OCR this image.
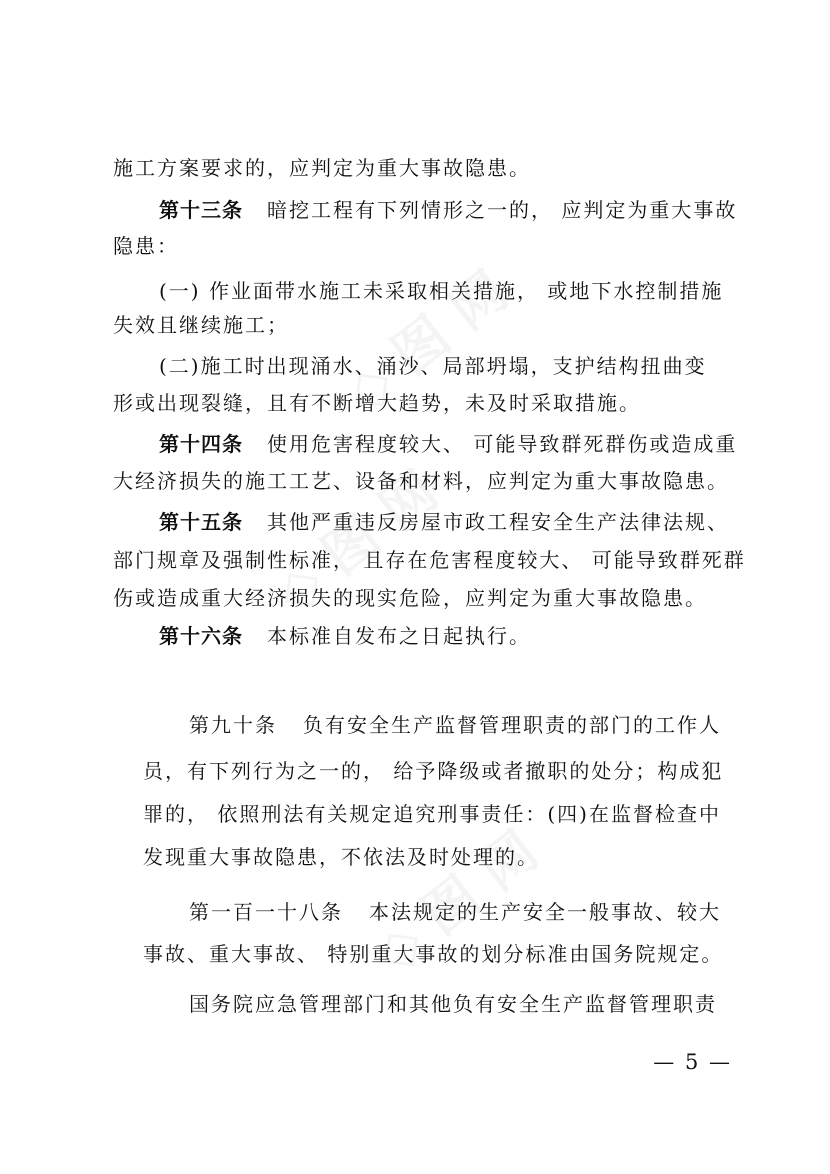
施工方案要求的，应判定为重大事故隐患。
第十三条 暗挖工程有下列情形之一的， 应判定为重大事故
隐患：
(一) 作业面带水施工未采取相关措施， 或地下水控制措施
失效且继续施工；
(二)施工时出现涌水、涌沙、局部坍塌，支护结构扭曲变
形或出现裂缝，且有不断增大趋势，未及时采取措施。
第十四条 使用危害程度较大、 可能导致群死群伤或造成重
大经济损失的施工工艺、设备和材料，应判定为重大事故隐患。
第十五条 其他严重违反房屋市政工程安全生产法律法规、
部门规章及强制性标准， 且存在危害程度较大、 可能导致群死群
伤或造成重大经济损失的现实危险，应判定为重大事故隐患。
第十六条 本标准自发布之日起执行。
第九十条 负有安全生产监督管理职责的部门的工作人
员，有下列行为之一的， 给予降级或者撤职的处分；构成犯
罪的， 依照刑法有关规定追究刑事责任：(四)在监督检查中
发现重大事故隐患，不依法及时处理的。
第一百一十八条 本法规定的生产安全一般事故、较大
事故、重大事故、 特别重大事故的划分标准由国务院规定。
国务院应急管理部门和其他负有安全生产监督管理职责
— 5 —
